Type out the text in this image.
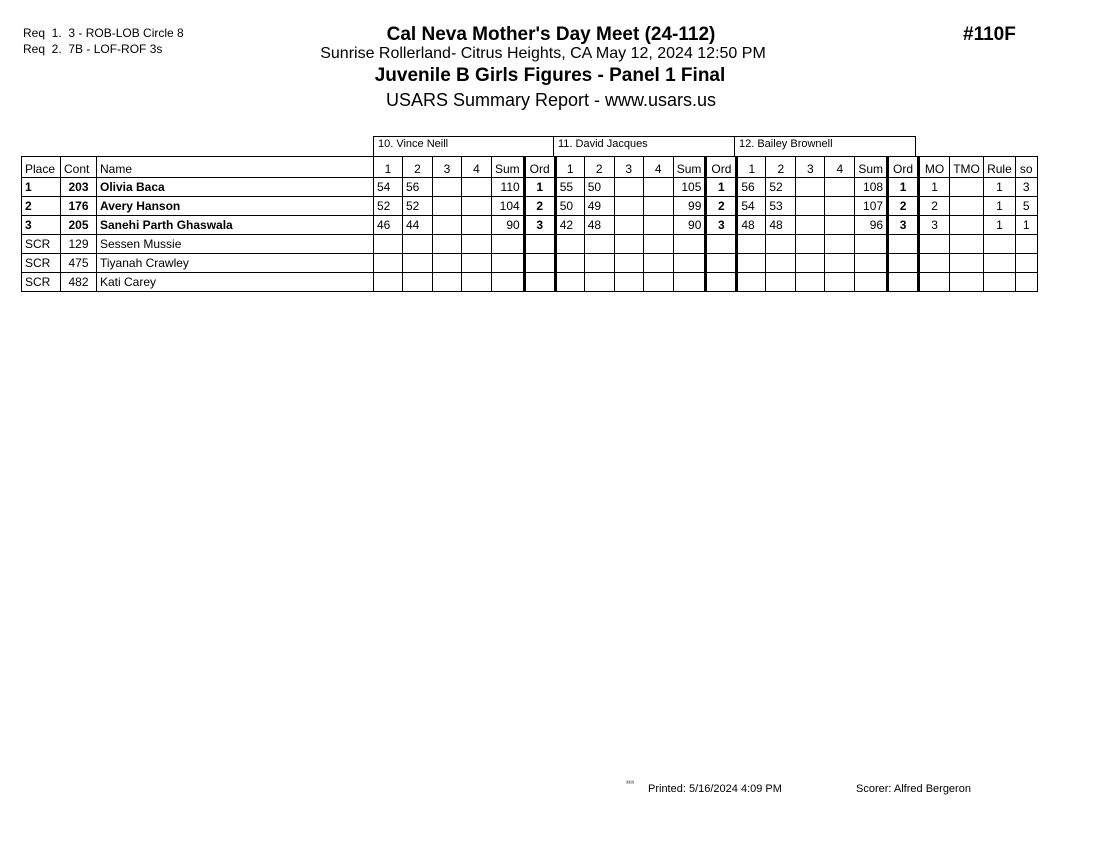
Req  1.  3 - ROB-LOB Circle 8
Req  2.  7B - LOF-ROF 3s
Cal Neva Mother's Day Meet (24-112)	#110F
Sunrise Rollerland- Citrus Heights, CA May 12, 2024 12:50 PM
Juvenile B Girls Figures - Panel 1 Final
USARS Summary Report - www.usars.us
10. Vince Neill	11. David Jacques	12. Bailey Brownell
Place	Cont	Name	1	2	3	4	Sum	Ord	1	2	3	4	Sum	Ord	1	2	3	4	Sum	Ord	MO	TMO	Rule	so
1	203	Olivia Baca	54	56			110	1	55	50			105	1	56	52			108	1	1		1	3
2	176	Avery Hanson	52	52			104	2	50	49			99	2	54	53			107	2	2		1	5
3	205	Sanehi Parth Ghaswala	46	44			90	3	42	48			90	3	48	48			96	3	3		1	1
SCR	129	Sessen Mussie																						
SCR	475	Tiyanah Crawley																						
SCR	482	Kati Carey																						
³³¹⁶ Printed: 5/16/2024 4:09 PM	Scorer: Alfred Bergeron
